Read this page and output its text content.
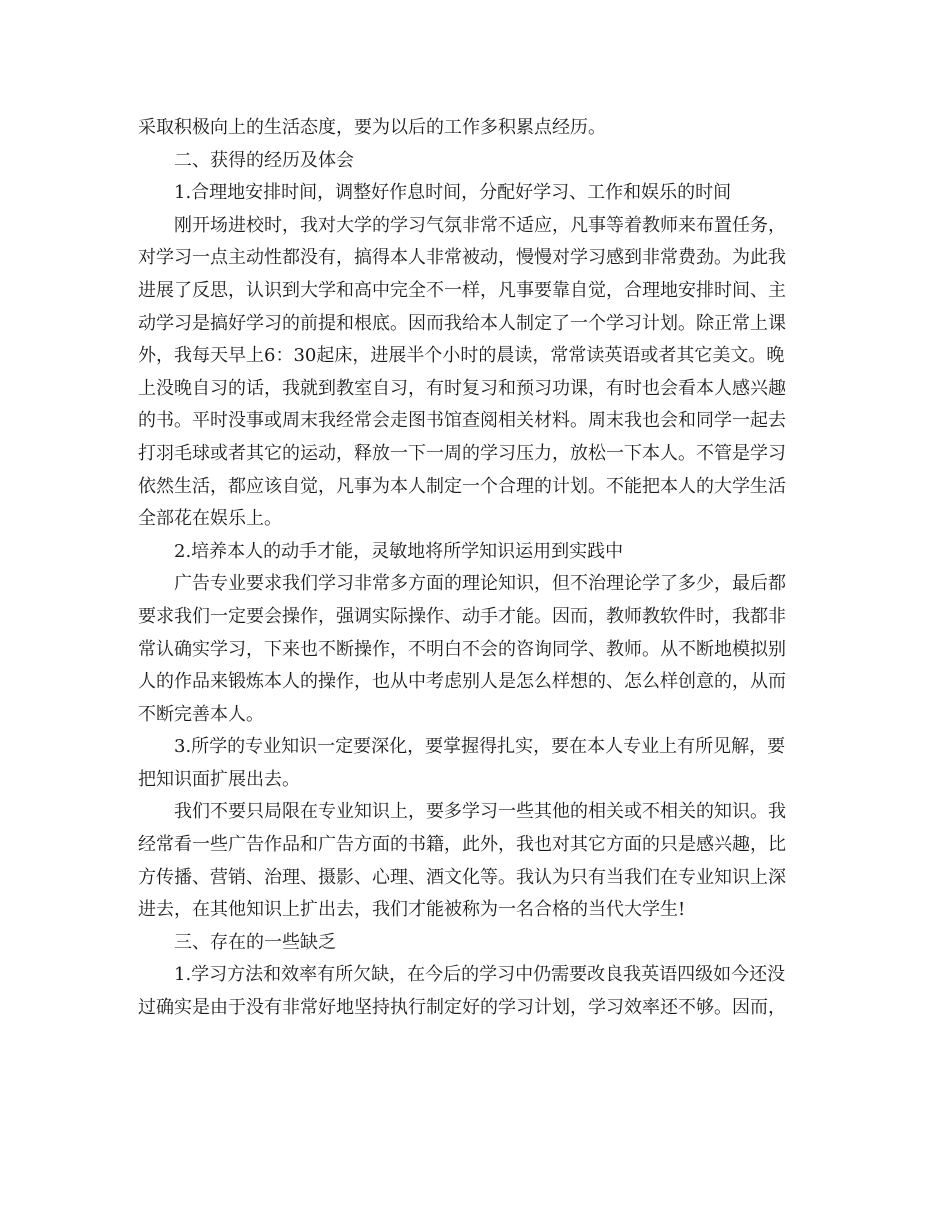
采取积极向上的生活态度，要为以后的工作多积累点经历。

二、获得的经历及体会

1.合理地安排时间，调整好作息时间，分配好学习、工作和娱乐的时间

刚开场进校时，我对大学的学习气氛非常不适应，凡事等着教师来布置任务，
对学习一点主动性都没有，搞得本人非常被动，慢慢对学习感到非常费劲。为此我
进展了反思，认识到大学和高中完全不一样，凡事要靠自觉，合理地安排时间、主
动学习是搞好学习的前提和根底。因而我给本人制定了一个学习计划。除正常上课
外，我每天早上6：30起床，进展半个小时的晨读，常常读英语或者其它美文。晚
上没晚自习的话，我就到教室自习，有时复习和预习功课，有时也会看本人感兴趣
的书。平时没事或周末我经常会走图书馆查阅相关材料。周末我也会和同学一起去
打羽毛球或者其它的运动，释放一下一周的学习压力，放松一下本人。不管是学习
依然生活，都应该自觉，凡事为本人制定一个合理的计划。不能把本人的大学生活
全部花在娱乐上。

2.培养本人的动手才能，灵敏地将所学知识运用到实践中

广告专业要求我们学习非常多方面的理论知识，但不治理论学了多少，最后都
要求我们一定要会操作，强调实际操作、动手才能。因而，教师教软件时，我都非
常认确实学习，下来也不断操作，不明白不会的咨询同学、教师。从不断地模拟别
人的作品来锻炼本人的操作，也从中考虑别人是怎么样想的、怎么样创意的，从而
不断完善本人。

3.所学的专业知识一定要深化，要掌握得扎实，要在本人专业上有所见解，要
把知识面扩展出去。

我们不要只局限在专业知识上，要多学习一些其他的相关或不相关的知识。我
经常看一些广告作品和广告方面的书籍，此外，我也对其它方面的只是感兴趣，比
方传播、营销、治理、摄影、心理、酒文化等。我认为只有当我们在专业知识上深
进去，在其他知识上扩出去，我们才能被称为一名合格的当代大学生!

三、存在的一些缺乏

1.学习方法和效率有所欠缺，在今后的学习中仍需要改良我英语四级如今还没
过确实是由于没有非常好地坚持执行制定好的学习计划，学习效率还不够。因而，
